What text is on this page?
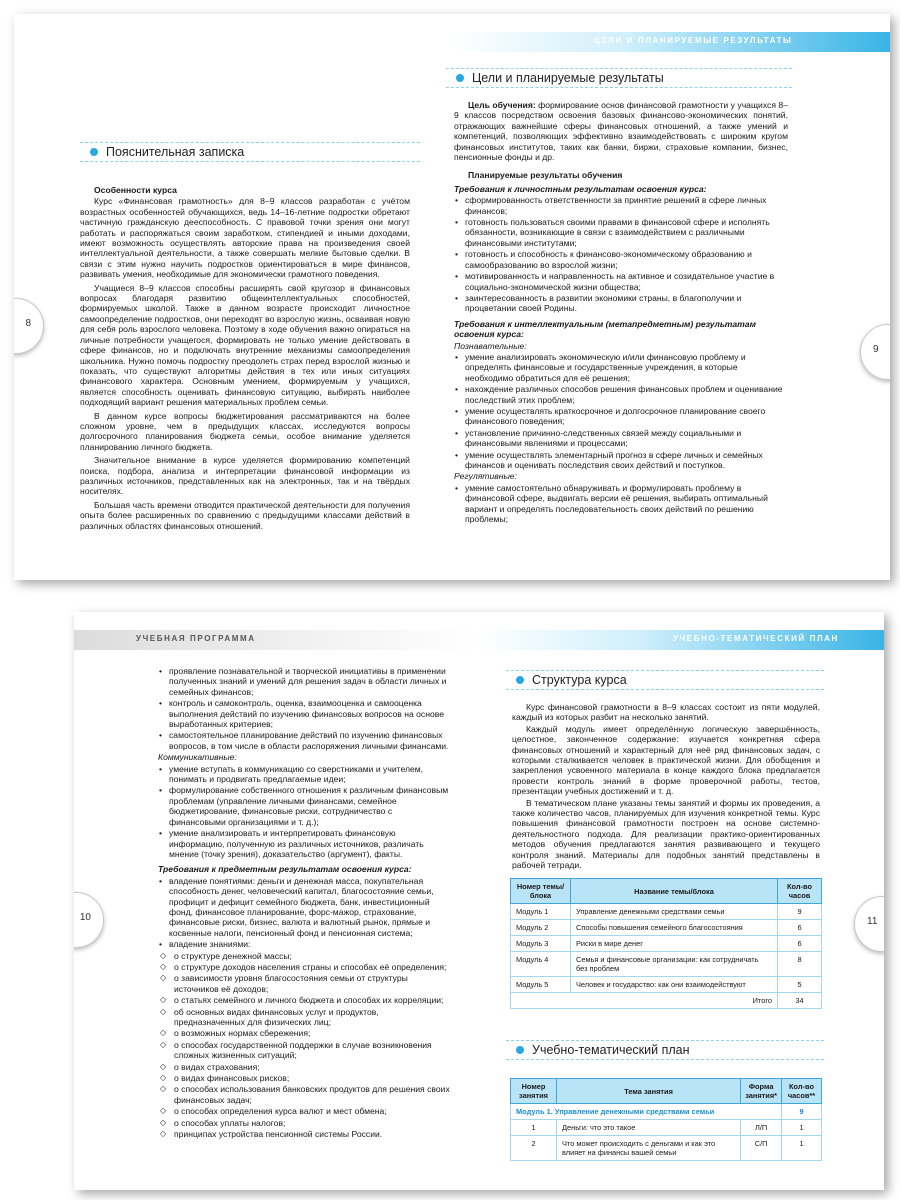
ЦЕЛИ И ПЛАНИРУЕМЫЕ РЕЗУЛЬТАТЫ
8
9
Пояснительная записка
Особенности курса

Курс «Финансовая грамотность» для 8–9 классов разработан с учётом возрастных особенностей обучающихся, ведь 14–16-летние подростки обретают частичную гражданскую дееспособность. С правовой точки зрения они могут работать и распоряжаться своим заработком, стипендией и иными доходами, имеют возможность осуществлять авторские права на произведения своей интеллектуальной деятельности, а также совершать мелкие бытовые сделки. В связи с этим нужно научить подростков ориентироваться в мире финансов, развивать умения, необходимые для экономически грамотного поведения.

Учащиеся 8–9 классов способны расширять свой кругозор в финансовых вопросах благодаря развитию общеинтеллектуальных способностей, формируемых школой. Также в данном возрасте происходит личностное самоопределение подростков, они переходят во взрослую жизнь, осваивая новую для себя роль взрослого человека. Поэтому в ходе обучения важно опираться на личные потребности учащегося, формировать не только умение действовать в сфере финансов, но и подключать внутренние механизмы самоопределения школьника. Нужно помочь подростку преодолеть страх перед взрослой жизнью и показать, что существуют алгоритмы действия в тех или иных ситуациях финансового характера. Основным умением, формируемым у учащихся, является способность оценивать финансовую ситуацию, выбирать наиболее подходящий вариант решения материальных проблем семьи.

В данном курсе вопросы бюджетирования рассматриваются на более сложном уровне, чем в предыдущих классах, исследуются вопросы долгосрочного планирования бюджета семьи, особое внимание уделяется планированию личного бюджета.

Значительное внимание в курсе уделяется формированию компетенций поиска, подбора, анализа и интерпретации финансовой информации из различных источников, представленных как на электронных, так и на твёрдых носителях.

Большая часть времени отводится практической деятельности для получения опыта более расширенных по сравнению с предыдущими классами действий в различных областях финансовых отношений.

Цели и планируемые результаты

Цель обучения: формирование основ финансовой грамотности у учащихся 8–9 классов посредством освоения базовых финансово-экономических понятий, отражающих важнейшие сферы финансовых отношений, а также умений и компетенций, позволяющих эффективно взаимодействовать с широким кругом финансовых институтов, таких как банки, биржи, страховые компании, бизнес, пенсионные фонды и др.

Планируемые результаты обучения
Требования к личностным результатам освоения курса:
• сформированность ответственности за принятие решений в сфере личных финансов;
• готовность пользоваться своими правами в финансовой сфере и исполнять обязанности, возникающие в связи с взаимодействием с различными финансовыми институтами;
• готовность и способность к финансово-экономическому образованию и самообразованию во взрослой жизни;
• мотивированность и направленность на активное и созидательное участие в социально-экономической жизни общества;
• заинтересованность в развитии экономики страны, в благополучии и процветании своей Родины.
Требования к интеллектуальным (метапредметным) результатам освоения курса:
Познавательные:
• умение анализировать экономическую и/или финансовую проблему и определять финансовые и государственные учреждения, в которые необходимо обратиться для её решения;
• нахождение различных способов решения финансовых проблем и оценивание последствий этих проблем;
• умение осуществлять краткосрочное и долгосрочное планирование своего финансового поведения;
• установление причинно-следственных связей между социальными и финансовыми явлениями и процессами;
• умение осуществлять элементарный прогноз в сфере личных и семейных финансов и оценивать последствия своих действий и поступков.
Регулятивные:
• умение самостоятельно обнаруживать и формулировать проблему в финансовой сфере, выдвигать версии её решения, выбирать оптимальный вариант и определять последовательность своих действий по решению проблемы;
УЧЕБНАЯ ПРОГРАММА	УЧЕБНО-ТЕМАТИЧЕСКИЙ ПЛАН
10	11
• проявление познавательной и творческой инициативы в применении полученных знаний и умений для решения задач в области личных и семейных финансов;
• контроль и самоконтроль, оценка, взаимооценка и самооценка выполнения действий по изучению финансовых вопросов на основе выработанных критериев;
• самостоятельное планирование действий по изучению финансовых вопросов, в том числе в области распоряжения личными финансами.
Коммуникативные:
• умение вступать в коммуникацию со сверстниками и учителем, понимать и продвигать предлагаемые идеи;
• формулирование собственного отношения к различным финансовым проблемам (управление личными финансами, семейное бюджетирование, финансовые риски, сотрудничество с финансовыми организациями и т. д.);
• умение анализировать и интерпретировать финансовую информацию, полученную из различных источников, различать мнение (точку зрения), доказательство (аргумент), факты.
Требования к предметным результатам освоения курса:
• владение понятиями: деньги и денежная масса, покупательная способность денег, человеческий капитал, благосостояние семьи, профицит и дефицит семейного бюджета, банк, инвестиционный фонд, финансовое планирование, форс-мажор, страхование, финансовые риски, бизнес, валюта и валютный рынок, прямые и косвенные налоги, пенсионный фонд и пенсионная система;
• владение знаниями:
◇ о структуре денежной массы;
◇ о структуре доходов населения страны и способах её определения;
◇ о зависимости уровня благосостояния семьи от структуры источников её доходов;
◇ о статьях семейного и личного бюджета и способах их корреляции;
◇ об основных видах финансовых услуг и продуктов, предназначенных для физических лиц;
◇ о возможных нормах сбережения;
◇ о способах государственной поддержки в случае возникновения сложных жизненных ситуаций;
◇ о видах страхования;
◇ о видах финансовых рисков;
◇ о способах использования банковских продуктов для решения своих финансовых задач;
◇ о способах определения курса валют и мест обмена;
◇ о способах уплаты налогов;
◇ принципах устройства пенсионной системы России.
Структура курса

Курс финансовой грамотности в 8–9 классах состоит из пяти модулей, каждый из которых разбит на несколько занятий.

Каждый модуль имеет определённую логическую завершённость, целостное, законченное содержание: изучается конкретная сфера финансовых отношений и характерный для неё ряд финансовых задач, с которыми сталкивается человек в практической жизни. Для обобщения и закрепления усвоенного материала в конце каждого блока предлагается провести контроль знаний в форме проверочной работы, тестов, презентации учебных достижений и т. д.

В тематическом плане указаны темы занятий и формы их проведения, а также количество часов, планируемых для изучения конкретной темы. Курс повышения финансовой грамотности построен на основе системно-деятельностного подхода. Для реализации практико-ориентированных методов обучения предлагаются занятия развивающего и текущего контроля знаний. Материалы для подобных занятий представлены в рабочей тетради.

Номер темы/блока	Название темы/блока	Кол-во часов
Модуль 1	Управление денежными средствами семьи	9
Модуль 2	Способы повышения семейного благосостояния	6
Модуль 3	Риски в мире денег	6
Модуль 4	Семья и финансовые организации: как сотрудничать без проблем	8
Модуль 5	Человек и государство: как они взаимодействуют	5
Итого		34
Учебно-тематический план
Номер занятия	Тема занятия	Форма занятия*	Кол-во часов**
Модуль 1. Управление денежными средствами семьи			9
1	Деньги: что это такое	Л/П	1
2	Что может происходить с деньгами и как это влияет на финансы вашей семьи	С/П	1
